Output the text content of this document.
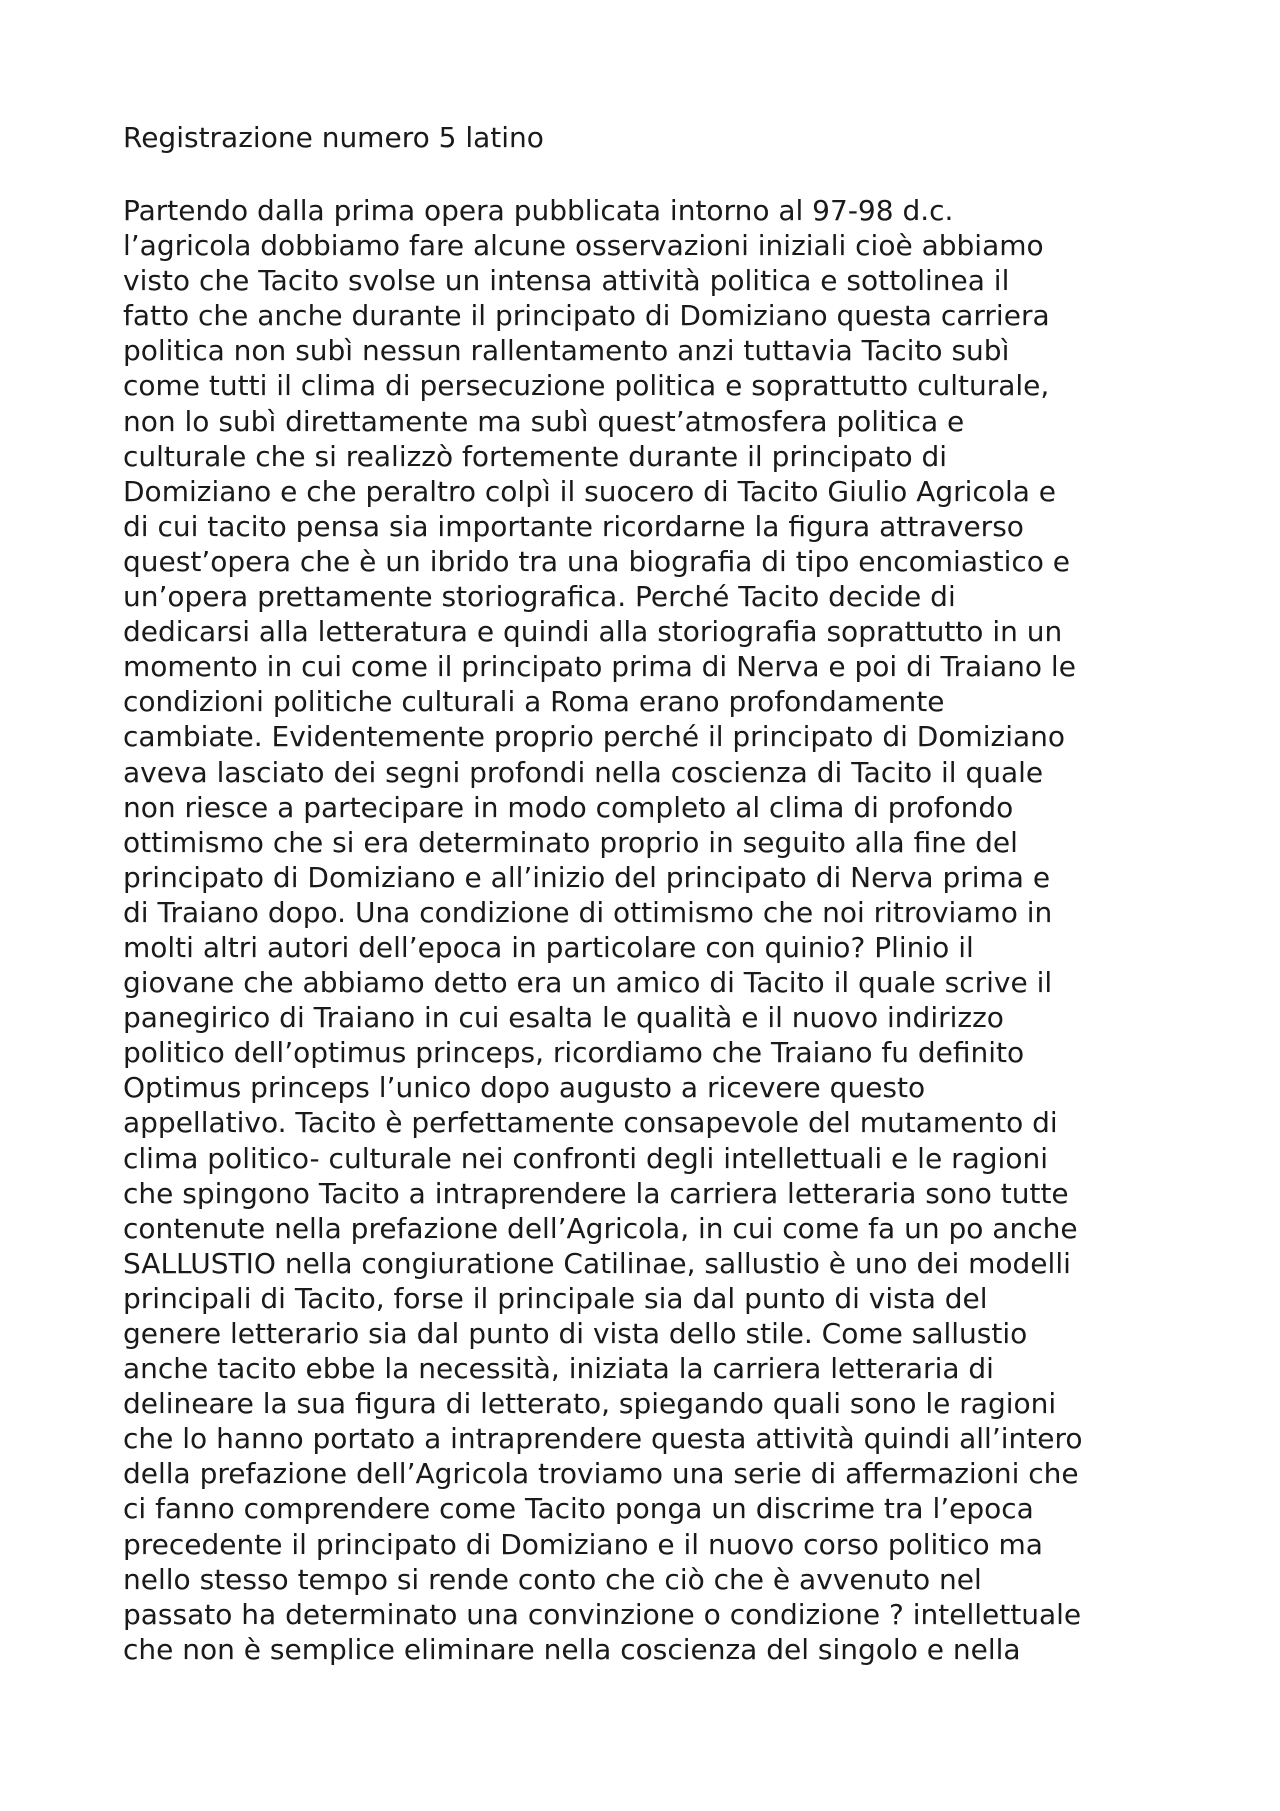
Registrazione numero 5 latino
Partendo dalla prima opera pubblicata intorno al 97-98 d.c.
l’agricola dobbiamo fare alcune osservazioni iniziali cioè abbiamo
visto che Tacito svolse un intensa attività politica e sottolinea il
fatto che anche durante il principato di Domiziano questa carriera
politica non subì nessun rallentamento anzi tuttavia Tacito subì
come tutti il clima di persecuzione politica e soprattutto culturale,
non lo subì direttamente ma subì quest’atmosfera politica e
culturale che si realizzò fortemente durante il principato di
Domiziano e che peraltro colpì il suocero di Tacito Giulio Agricola e
di cui tacito pensa sia importante ricordarne la figura attraverso
quest’opera che è un ibrido tra una biografia di tipo encomiastico e
un’opera prettamente storiografica. Perché Tacito decide di
dedicarsi alla letteratura e quindi alla storiografia soprattutto in un
momento in cui come il principato prima di Nerva e poi di Traiano le
condizioni politiche culturali a Roma erano profondamente
cambiate. Evidentemente proprio perché il principato di Domiziano
aveva lasciato dei segni profondi nella coscienza di Tacito il quale
non riesce a partecipare in modo completo al clima di profondo
ottimismo che si era determinato proprio in seguito alla fine del
principato di Domiziano e all’inizio del principato di Nerva prima e
di Traiano dopo. Una condizione di ottimismo che noi ritroviamo in
molti altri autori dell’epoca in particolare con quinio? Plinio il
giovane che abbiamo detto era un amico di Tacito il quale scrive il
panegirico di Traiano in cui esalta le qualità e il nuovo indirizzo
politico dell’optimus princeps, ricordiamo che Traiano fu definito
Optimus princeps l’unico dopo augusto a ricevere questo
appellativo. Tacito è perfettamente consapevole del mutamento di
clima politico- culturale nei confronti degli intellettuali e le ragioni
che spingono Tacito a intraprendere la carriera letteraria sono tutte
contenute nella prefazione dell’Agricola, in cui come fa un po anche
SALLUSTIO nella congiuratione Catilinae, sallustio è uno dei modelli
principali di Tacito, forse il principale sia dal punto di vista del
genere letterario sia dal punto di vista dello stile. Come sallustio
anche tacito ebbe la necessità, iniziata la carriera letteraria di
delineare la sua figura di letterato, spiegando quali sono le ragioni
che lo hanno portato a intraprendere questa attività quindi all’intero
della prefazione dell’Agricola troviamo una serie di affermazioni che
ci fanno comprendere come Tacito ponga un discrime tra l’epoca
precedente il principato di Domiziano e il nuovo corso politico ma
nello stesso tempo si rende conto che ciò che è avvenuto nel
passato ha determinato una convinzione o condizione ? intellettuale
che non è semplice eliminare nella coscienza del singolo e nella
